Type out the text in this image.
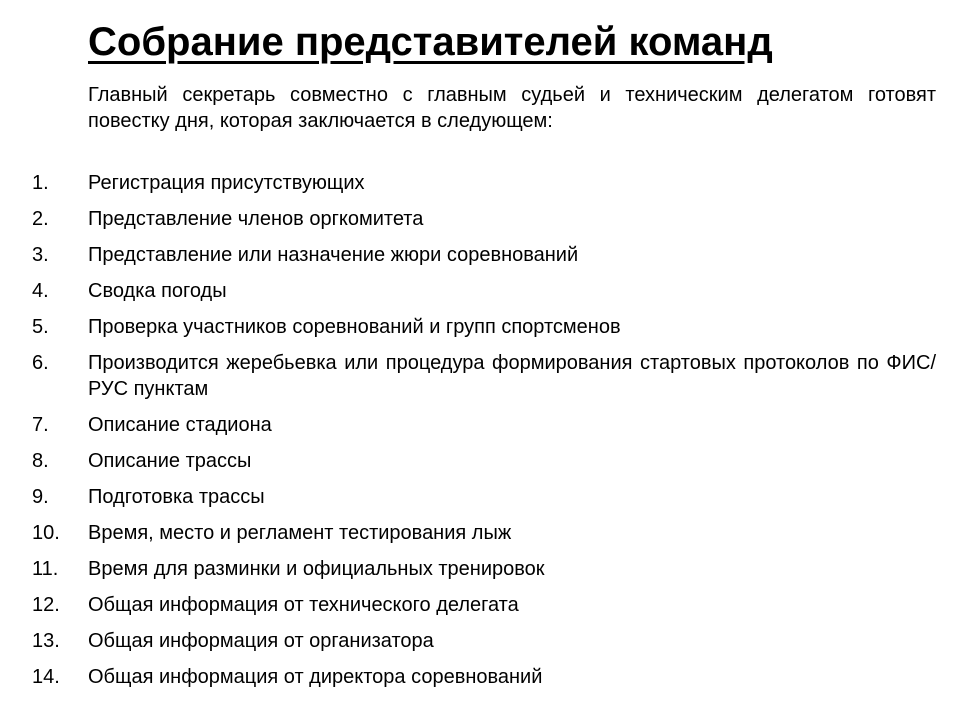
Собрание представителей команд

Главный секретарь совместно с главным судьей и техническим делегатом готовят повестку дня, которая заключается в следующем:

1.	Регистрация присутствующих
2.	Представление членов оргкомитета
3.	Представление или назначение жюри соревнований
4.	Сводка погоды
5.	Проверка участников соревнований и групп спортсменов
6.	Производится жеребьевка или процедура формирования стартовых протоколов по ФИС/РУС пунктам
7.	Описание стадиона
8.	Описание трассы
9.	Подготовка трассы
10.	Время, место и регламент тестирования лыж
11.	Время для разминки и официальных тренировок
12.	Общая информация от технического делегата
13.	Общая информация от организатора
14.	Общая информация от директора соревнований
